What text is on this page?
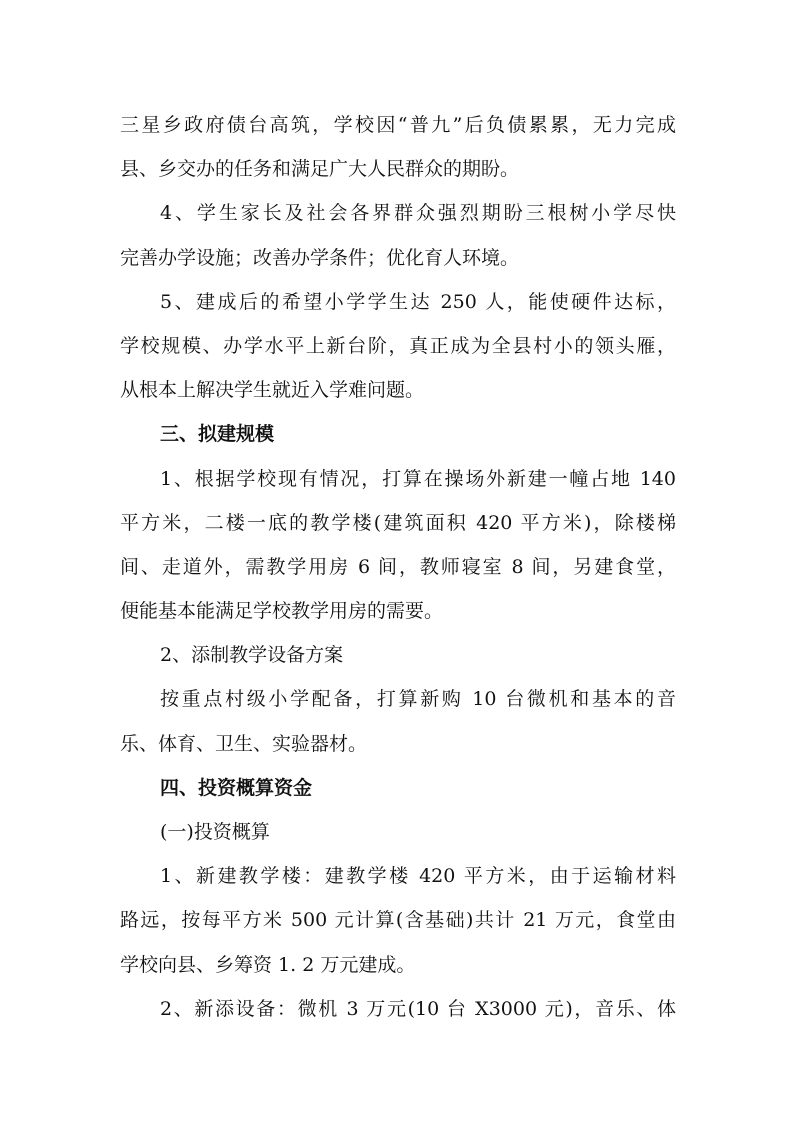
三星乡政府债台高筑，学校因“普九”后负债累累，无力完成
县、乡交办的任务和满足广大人民群众的期盼。
4、学生家长及社会各界群众强烈期盼三根树小学尽快
完善办学设施；改善办学条件；优化育人环境。
5、建成后的希望小学学生达 250 人，能使硬件达标，
学校规模、办学水平上新台阶，真正成为全县村小的领头雁，
从根本上解决学生就近入学难问题。
三、拟建规模
1、根据学校现有情况，打算在操场外新建一幢占地 140
平方米，二楼一底的教学楼(建筑面积 420 平方米)，除楼梯
间、走道外，需教学用房 6 间，教师寝室 8 间，另建食堂，
便能基本能满足学校教学用房的需要。
2、添制教学设备方案
按重点村级小学配备，打算新购 10 台微机和基本的音
乐、体育、卫生、实验器材。
四、投资概算资金
(一)投资概算
1、新建教学楼：建教学楼 420 平方米，由于运输材料
路远，按每平方米 500 元计算(含基础)共计 21 万元，食堂由
学校向县、乡筹资 1. 2 万元建成。
2、新添设备：微机 3 万元(10 台 X3000 元)，音乐、体
